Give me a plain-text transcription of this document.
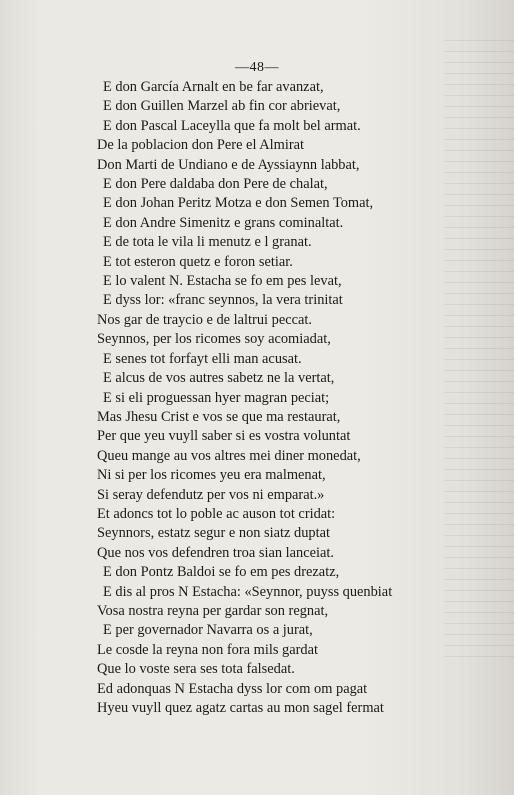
—48—
E don García Arnalt en be far avanzat,
E don Guillen Marzel ab fin cor abrievat,
E don Pascal Laceylla que fa molt bel armat.
De la poblacion don Pere el Almirat
Don Marti de Undiano e de Ayssiaynn labbat,
E don Pere daldaba don Pere de chalat,
E don Johan Peritz Motza e don Semen Tomat,
E don Andre Simenitz e grans cominaltat.
E de tota le vila li menutz e l granat.
E tot esteron quetz e foron setiar.
E lo valent N. Estacha se fo em pes levat,
E dyss lor: «franc seynnos, la vera trinitat
Nos gar de traycio e de laltrui peccat.
Seynnos, per los ricomes soy acomiadat,
E senes tot forfayt elli man acusat.
E alcus de vos autres sabetz ne la vertat,
E si eli proguessan hyer magran peciat;
Mas Jhesu Crist e vos se que ma restaurat,
Per que yeu vuyll saber si es vostra voluntat
Queu mange au vos altres mei diner monedat,
Ni si per los ricomes yeu era malmenat,
Si seray defendutz per vos ni emparat.»
Et adoncs tot lo poble ac auson tot cridat:
Seynnors, estatz segur e non siatz duptat
Que nos vos defendren troa sian lanceiat.
E don Pontz Baldoi se fo em pes drezatz,
E dis al pros N Estacha: «Seynnor, puyss quenbiat
Vosa nostra reyna per gardar son regnat,
E per governador Navarra os a jurat,
Le cosde la reyna non fora mils gardat
Que lo voste sera ses tota falsedat.
Ed adonquas N Estacha dyss lor com om pagat
Hyeu vuyll quez agatz cartas au mon sagel fermat
